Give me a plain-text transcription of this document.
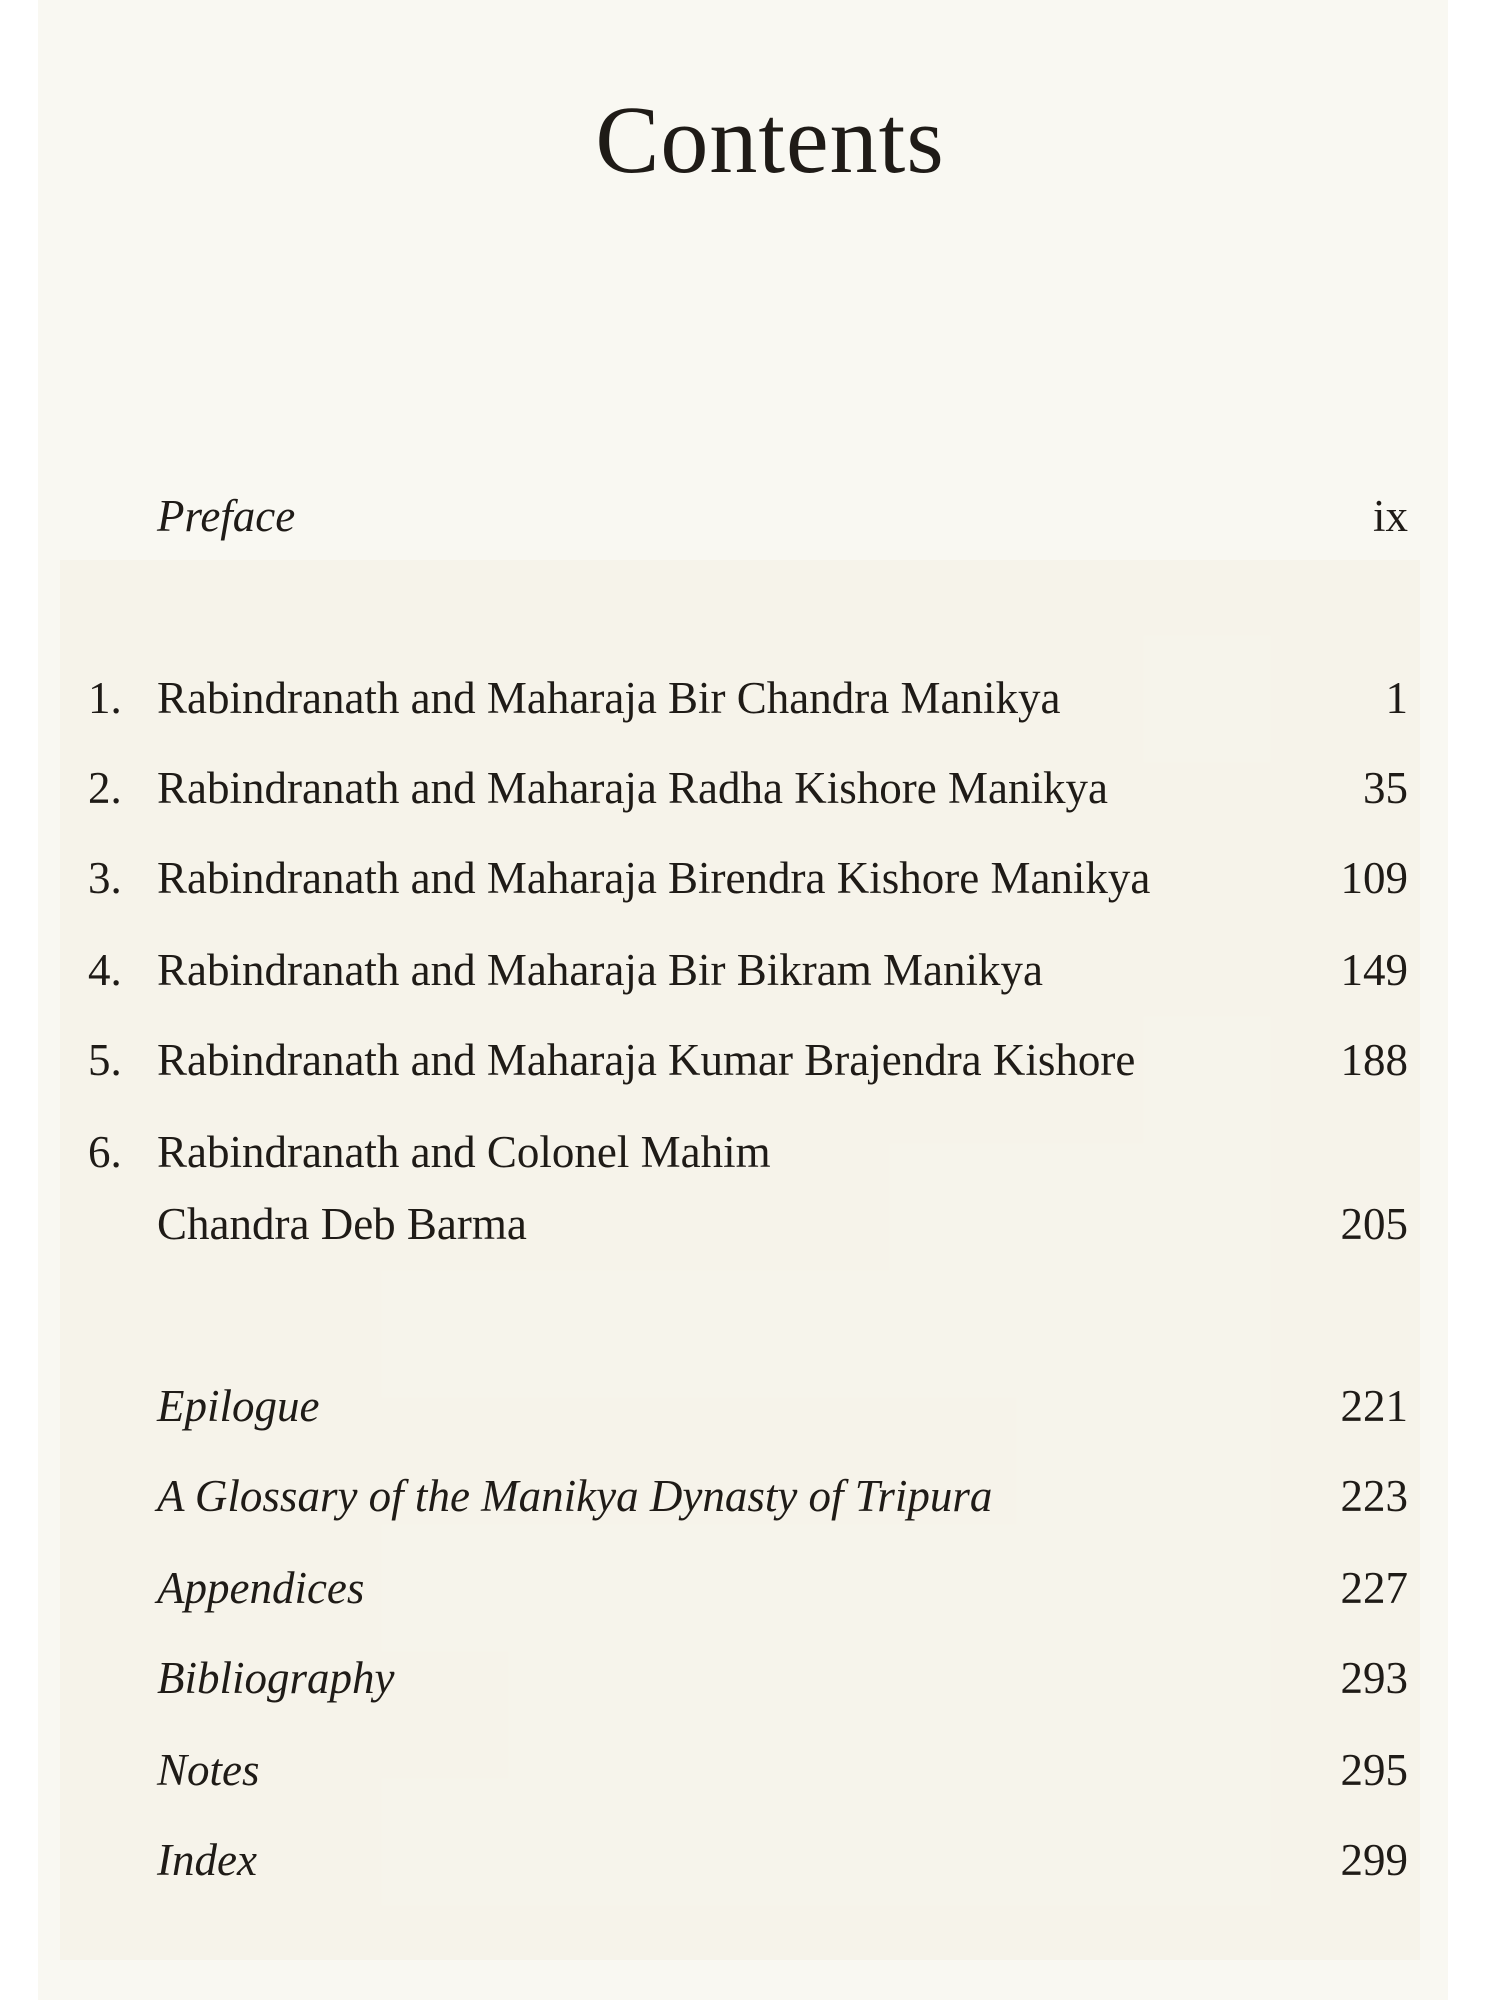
Contents
Preface	ix
1. Rabindranath and Maharaja Bir Chandra Manikya	1
2. Rabindranath and Maharaja Radha Kishore Manikya	35
3. Rabindranath and Maharaja Birendra Kishore Manikya	109
4. Rabindranath and Maharaja Bir Bikram Manikya	149
5. Rabindranath and Maharaja Kumar Brajendra Kishore	188
6. Rabindranath and Colonel Mahim
Chandra Deb Barma	205
Epilogue	221
A Glossary of the Manikya Dynasty of Tripura	223
Appendices	227
Bibliography	293
Notes	295
Index	299
